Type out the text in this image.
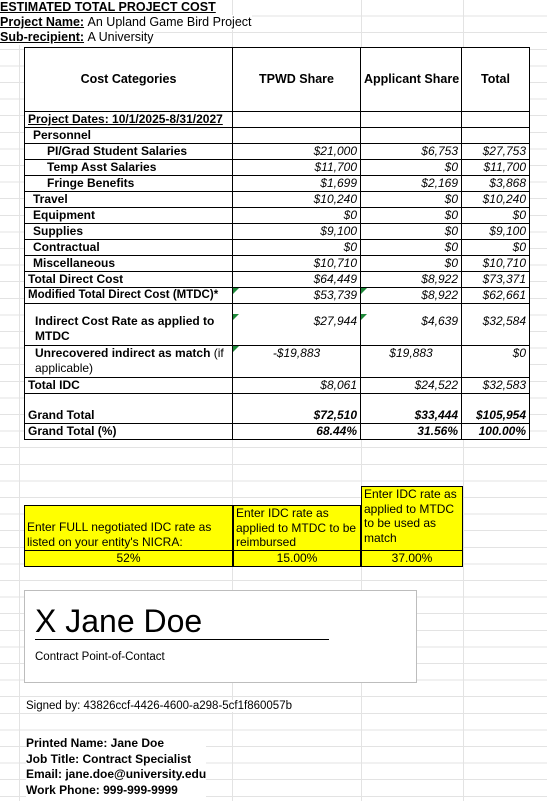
ESTIMATED TOTAL PROJECT COST
Project Name: An Upland Game Bird Project
Sub-recipient: A University
Cost Categories	TPWD Share	Applicant Share	Total
Project Dates: 10/1/2025-8/31/2027			
Personnel			
PI/Grad Student Salaries	$21,000	$6,753	$27,753
Temp Asst Salaries	$11,700	$0	$11,700
Fringe Benefits	$1,699	$2,169	$3,868
Travel	$10,240	$0	$10,240
Equipment	$0	$0	$0
Supplies	$9,100	$0	$9,100
Contractual	$0	$0	$0
Miscellaneous	$10,710	$0	$10,710
Total Direct Cost	$64,449	$8,922	$73,371
Modified Total Direct Cost (MTDC)*	$53,739	$8,922	$62,661

Indirect Cost Rate as applied to MTDC	$27,944	$4,639	$32,584
Unrecovered indirect as match (if applicable)	-$19,883	$19,883	$0
Total IDC	$8,061	$24,522	$32,583

Grand Total	$72,510	$33,444	$105,954
Grand Total (%)	68.44%	31.56%	100.00%
Enter FULL negotiated IDC rate as listed on your entity's NICRA:
52%
Enter IDC rate as applied to MTDC to be reimbursed
15.00%
Enter IDC rate as applied to MTDC to be used as match
37.00%
X Jane Doe
Contract Point-of-Contact
Signed by: 43826ccf-4426-4600-a298-5cf1f860057b
Printed Name: Jane Doe
Job Title: Contract Specialist
Email: jane.doe@university.edu
Work Phone: 999-999-9999
